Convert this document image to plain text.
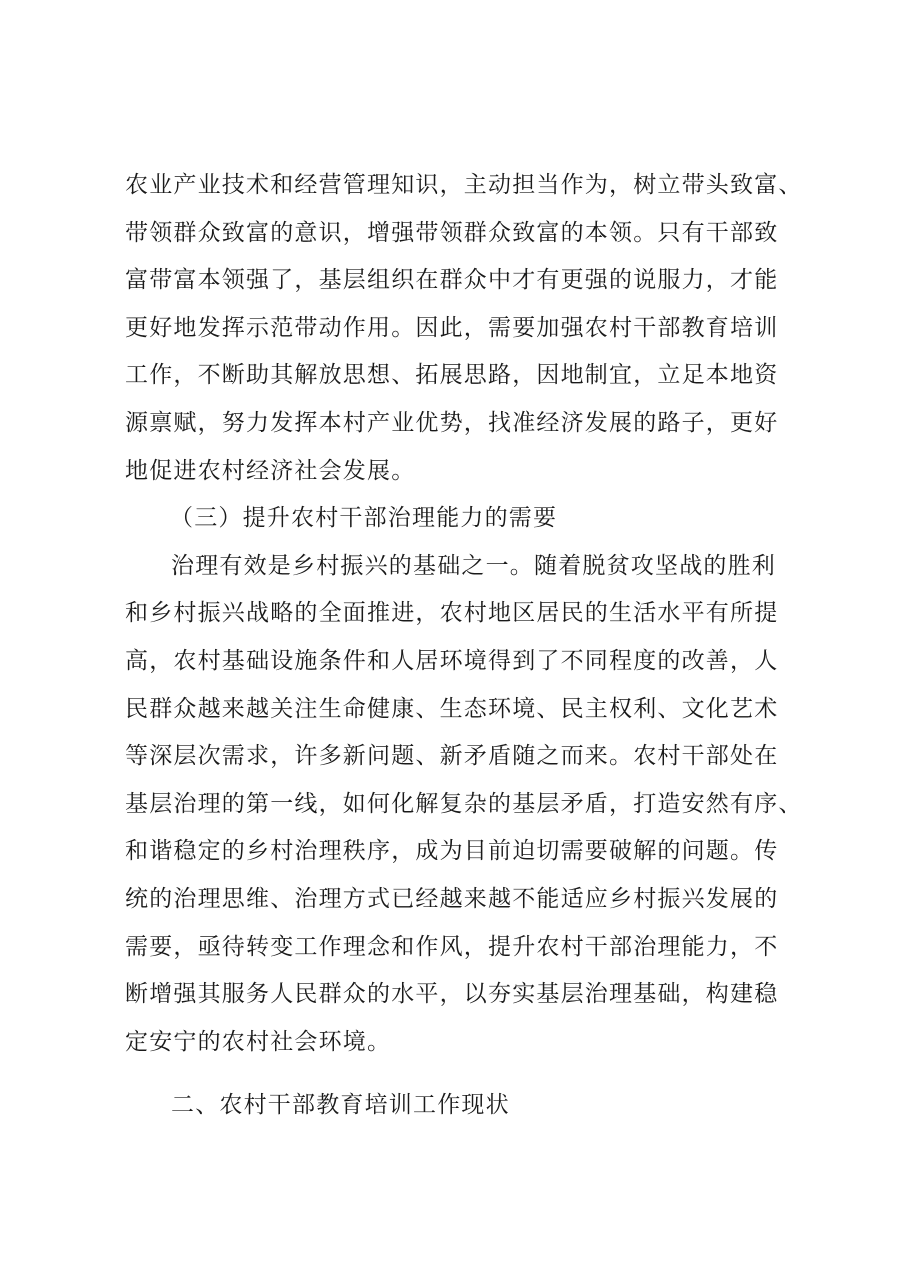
农业产业技术和经营管理知识，主动担当作为，树立带头致富、
带领群众致富的意识，增强带领群众致富的本领。只有干部致
富带富本领强了，基层组织在群众中才有更强的说服力，才能
更好地发挥示范带动作用。因此，需要加强农村干部教育培训
工作，不断助其解放思想、拓展思路，因地制宜，立足本地资
源禀赋，努力发挥本村产业优势，找准经济发展的路子，更好
地促进农村经济社会发展。
（三）提升农村干部治理能力的需要
治理有效是乡村振兴的基础之一。随着脱贫攻坚战的胜利
和乡村振兴战略的全面推进，农村地区居民的生活水平有所提
高，农村基础设施条件和人居环境得到了不同程度的改善，人
民群众越来越关注生命健康、生态环境、民主权利、文化艺术
等深层次需求，许多新问题、新矛盾随之而来。农村干部处在
基层治理的第一线，如何化解复杂的基层矛盾，打造安然有序、
和谐稳定的乡村治理秩序，成为目前迫切需要破解的问题。传
统的治理思维、治理方式已经越来越不能适应乡村振兴发展的
需要，亟待转变工作理念和作风，提升农村干部治理能力，不
断增强其服务人民群众的水平，以夯实基层治理基础，构建稳
定安宁的农村社会环境。
二、农村干部教育培训工作现状
